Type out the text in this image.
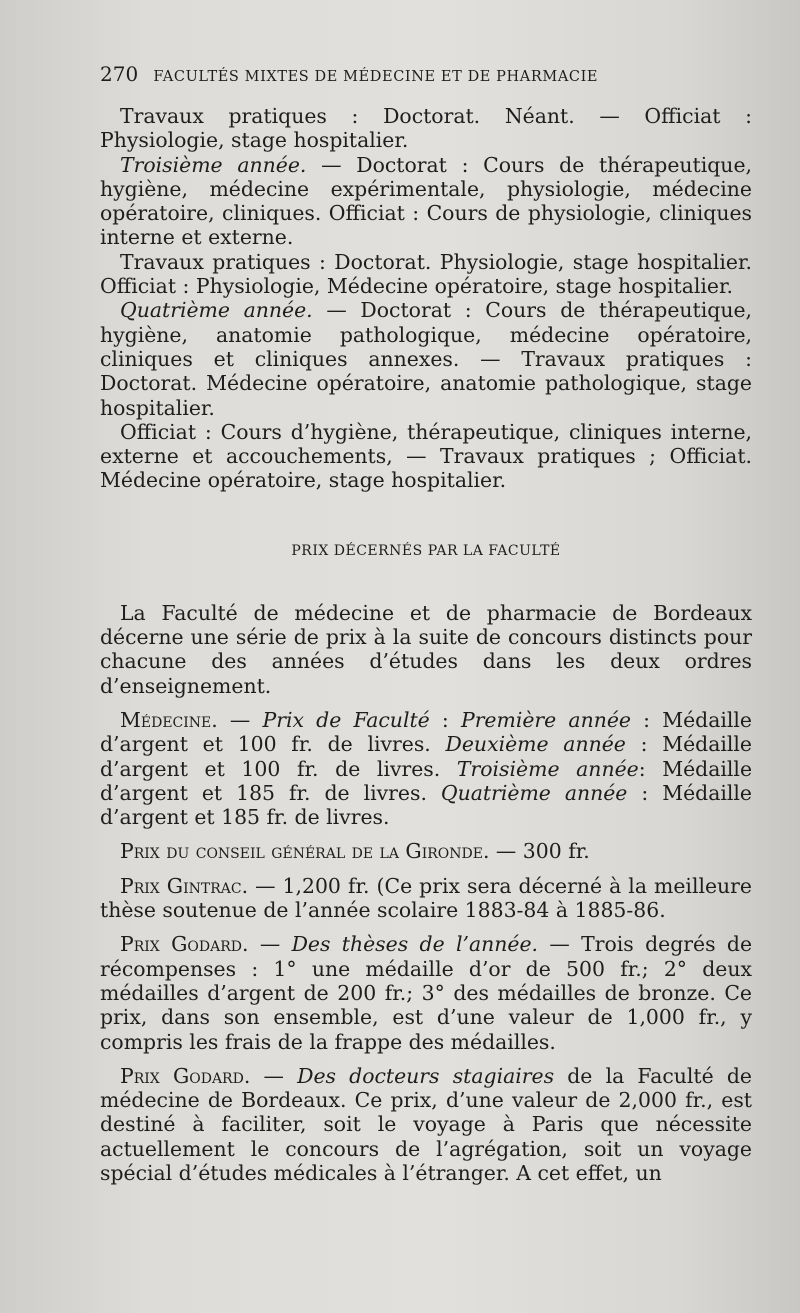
270 FACULTÉS MIXTES DE MÉDECINE ET DE PHARMACIE

Travaux pratiques : Doctorat. Néant. — Officiat : Physiologie, stage hospitalier.

Troisième année. — Doctorat : Cours de thérapeutique, hygiène, médecine expérimentale, physiologie, médecine opératoire, cliniques. Officiat : Cours de physiologie, cliniques interne et externe.

Travaux pratiques : Doctorat. Physiologie, stage hospitalier. Officiat : Physiologie, Médecine opératoire, stage hospitalier.

Quatrième année. — Doctorat : Cours de thérapeutique, hygiène, anatomie pathologique, médecine opératoire, cliniques et cliniques annexes. — Travaux pratiques : Doctorat. Médecine opératoire, anatomie pathologique, stage hospitalier.

Officiat : Cours d’hygiène, thérapeutique, cliniques interne, externe et accouchements, — Travaux pratiques ; Officiat. Médecine opératoire, stage hospitalier.

PRIX DÉCERNÉS PAR LA FACULTÉ

La Faculté de médecine et de pharmacie de Bordeaux décerne une série de prix à la suite de concours distincts pour chacune des années d’études dans les deux ordres d’enseignement.

Médecine. — Prix de Faculté : Première année : Médaille d’argent et 100 fr. de livres. Deuxième année : Médaille d’argent et 100 fr. de livres. Troisième année: Médaille d’argent et 185 fr. de livres. Quatrième année : Médaille d’argent et 185 fr. de livres.

Prix du conseil général de la Gironde. — 300 fr.

Prix Gintrac. — 1,200 fr. (Ce prix sera décerné à la meilleure thèse soutenue de l’année scolaire 1883-84 à 1885-86.

Prix Godard. — Des thèses de l’année. — Trois degrés de récompenses : 1° une médaille d’or de 500 fr.; 2° deux médailles d’argent de 200 fr.; 3° des médailles de bronze. Ce prix, dans son ensemble, est d’une valeur de 1,000 fr., y compris les frais de la frappe des médailles.

Prix Godard. — Des docteurs stagiaires de la Faculté de médecine de Bordeaux. Ce prix, d’une valeur de 2,000 fr., est destiné à faciliter, soit le voyage à Paris que nécessite actuellement le concours de l’agrégation, soit un voyage spécial d’études médicales à l’étranger. A cet effet, un
